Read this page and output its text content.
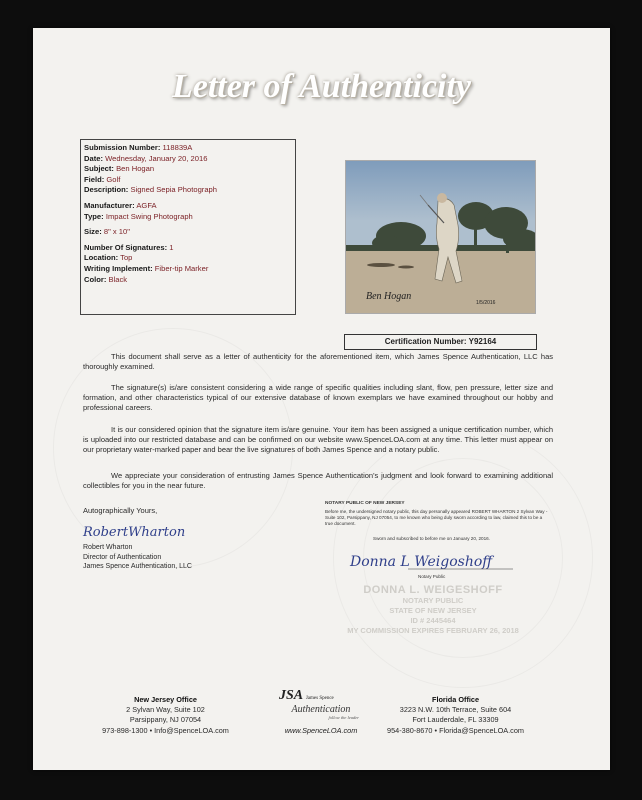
Letter of Authenticity
Submission Number: 118839A
Date: Wednesday, January 20, 2016
Subject: Ben Hogan
Field: Golf
Description: Signed Sepia Photograph
Manufacturer: AGFA
Type: Impact Swing Photograph
Size: 8" x 10"
Number Of Signatures: 1
Location: Top
Writing Implement: Fiber-tip Marker
Color: Black
Ben Hogan
1/5/2016
Certification Number: Y92164
This document shall serve as a letter of authenticity for the aforementioned item, which James Spence Authentication, LLC has thoroughly examined.
The signature(s) is/are consistent considering a wide range of specific qualities including slant, flow, pen pressure, letter size and formation, and other characteristics typical of our extensive database of known exemplars we have examined throughout our hobby and professional careers.
It is our considered opinion that the signature item is/are genuine. Your item has been assigned a unique certification number, which is uploaded into our restricted database and can be confirmed on our website www.SpenceLOA.com at any time. This letter must appear on our proprietary water-marked paper and bear the live signatures of both James Spence and a notary public.
We appreciate your consideration of entrusting James Spence Authentication's judgment and look forward to examining additional collectibles for you in the near future.
Autographically Yours,
RobertWharton
Robert Wharton
Director of Authentication
James Spence Authentication, LLC
NOTARY PUBLIC OF NEW JERSEY
Before me, the undersigned notary public, this day personally appeared ROBERT WHARTON 2 Sylvan Way - Suite 102, Parsippany, NJ 07054, to me known who being duly sworn according to law, claimed this to be a true document.
Sworn and subscribed to before me on January 20, 2016.
Donna L Weigoshoff
Notary Public
DONNA L. WEIGESHOFF
NOTARY PUBLIC
STATE OF NEW JERSEY
ID # 2445464
MY COMMISSION EXPIRES FEBRUARY 26, 2018
New Jersey Office
2 Sylvan Way, Suite 102
Parsippany, NJ 07054
973-898-1300 • Info@SpenceLOA.com
JSA James Spence
Authentication
follow the leader
www.SpenceLOA.com
Florida Office
3223 N.W. 10th Terrace, Suite 604
Fort Lauderdale, FL 33309
954-380-8670 • Florida@SpenceLOA.com
